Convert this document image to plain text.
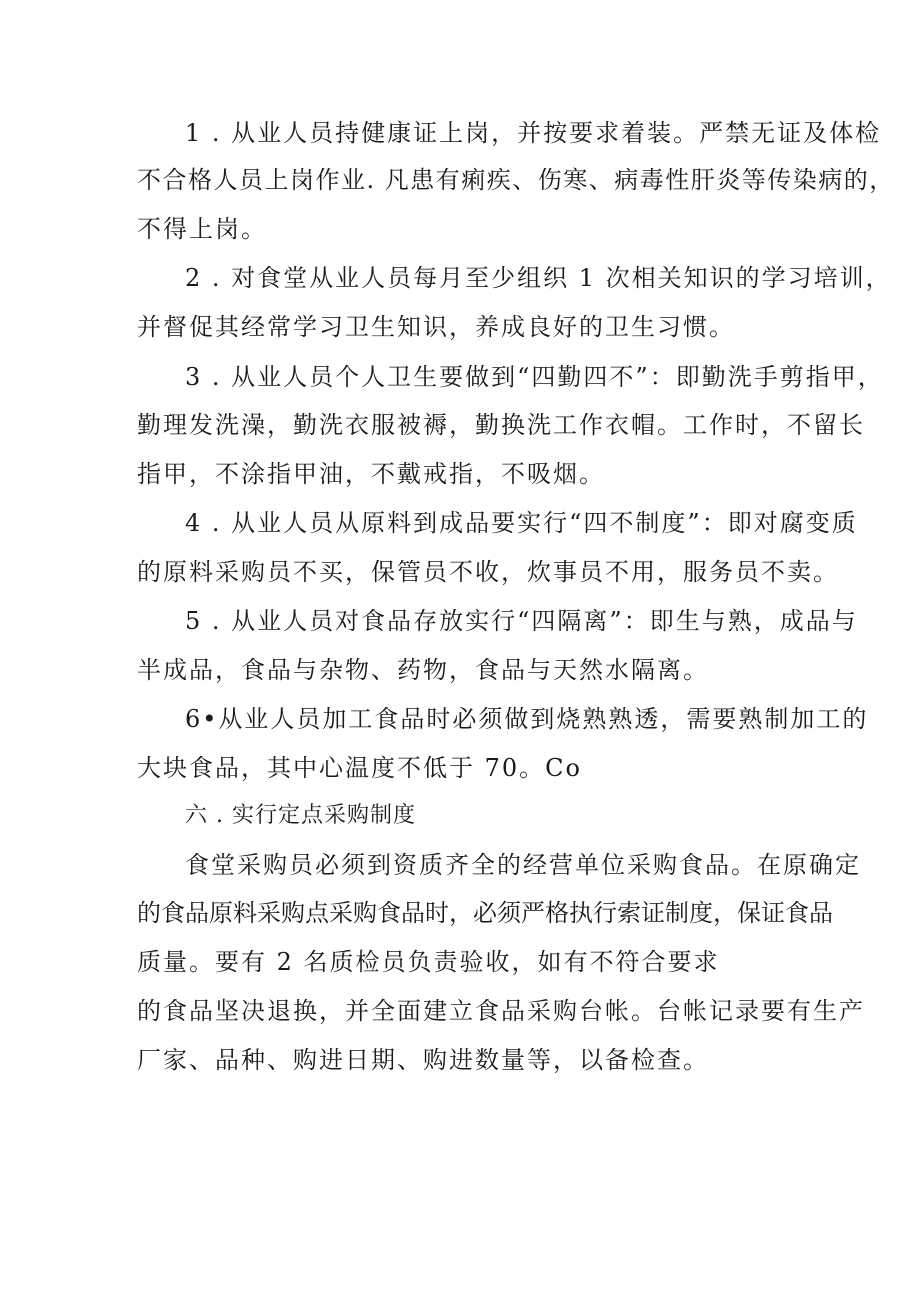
1 . 从业人员持健康证上岗，并按要求着装。严禁无证及体检
不合格人员上岗作业. 凡患有痢疾、伤寒、病毒性肝炎等传染病的，
不得上岗。
2 . 对食堂从业人员每月至少组织 1 次相关知识的学习培训，
并督促其经常学习卫生知识，养成良好的卫生习惯。
3 . 从业人员个人卫生要做到“四勤四不”：即勤洗手剪指甲，
勤理发洗澡，勤洗衣服被褥，勤换洗工作衣帽。工作时，不留长
指甲，不涂指甲油，不戴戒指，不吸烟。
4 . 从业人员从原料到成品要实行“四不制度”：即对腐变质
的原料采购员不买，保管员不收，炊事员不用，服务员不卖。
5 . 从业人员对食品存放实行“四隔离”：即生与熟，成品与
半成品，食品与杂物、药物，食品与天然水隔离。
6•从业人员加工食品时必须做到烧熟熟透，需要熟制加工的
大块食品，其中心温度不低于 70。Co
六 . 实行定点采购制度
食堂采购员必须到资质齐全的经营单位采购食品。在原确定
的食品原料采购点采购食品时，必须严格执行索证制度，保证食品
质量。要有 2 名质检员负责验收，如有不符合要求
的食品坚决退换，并全面建立食品采购台帐。台帐记录要有生产
厂家、品种、购进日期、购进数量等，以备检查。
